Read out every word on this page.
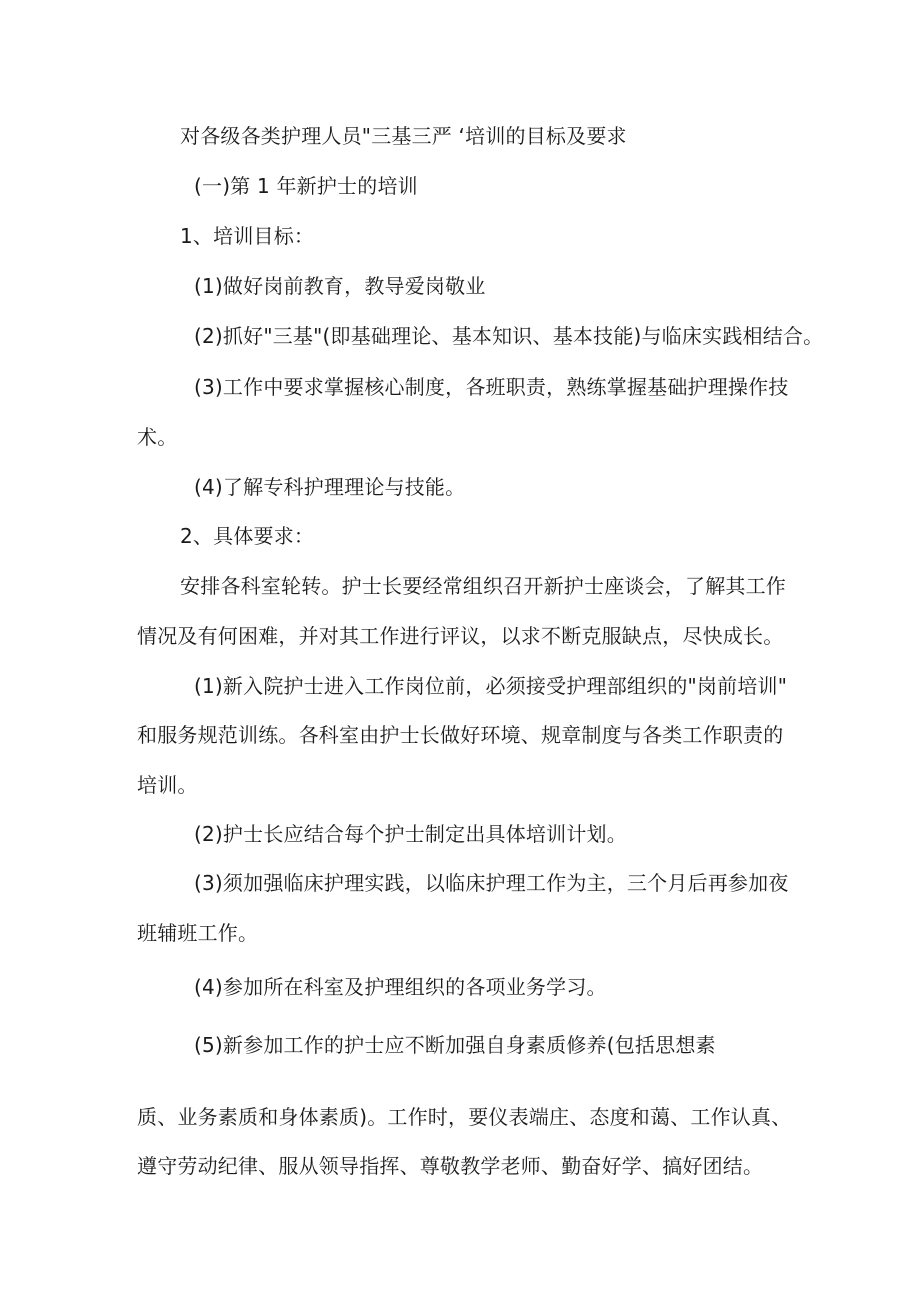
对各级各类护理人员"三基三严 ‘培训的目标及要求
(一)第 1 年新护士的培训
1、培训目标：
(1)做好岗前教育，教导爱岗敬业
(2)抓好"三基"(即基础理论、基本知识、基本技能)与临床实践相结合。
(3)工作中要求掌握核心制度，各班职责，熟练掌握基础护理操作技
术。
(4)了解专科护理理论与技能。
2、具体要求：
安排各科室轮转。护士长要经常组织召开新护士座谈会，了解其工作
情况及有何困难，并对其工作进行评议，以求不断克服缺点，尽快成长。
(1)新入院护士进入工作岗位前，必须接受护理部组织的"岗前培训"
和服务规范训练。各科室由护士长做好环境、规章制度与各类工作职责的
培训。
(2)护士长应结合每个护士制定出具体培训计划。
(3)须加强临床护理实践，以临床护理工作为主，三个月后再参加夜
班辅班工作。
(4)参加所在科室及护理组织的各项业务学习。
(5)新参加工作的护士应不断加强自身素质修养(包括思想素
质、业务素质和身体素质)。工作时，要仪表端庄、态度和蔼、工作认真、
遵守劳动纪律、服从领导指挥、尊敬教学老师、勤奋好学、搞好团结。
